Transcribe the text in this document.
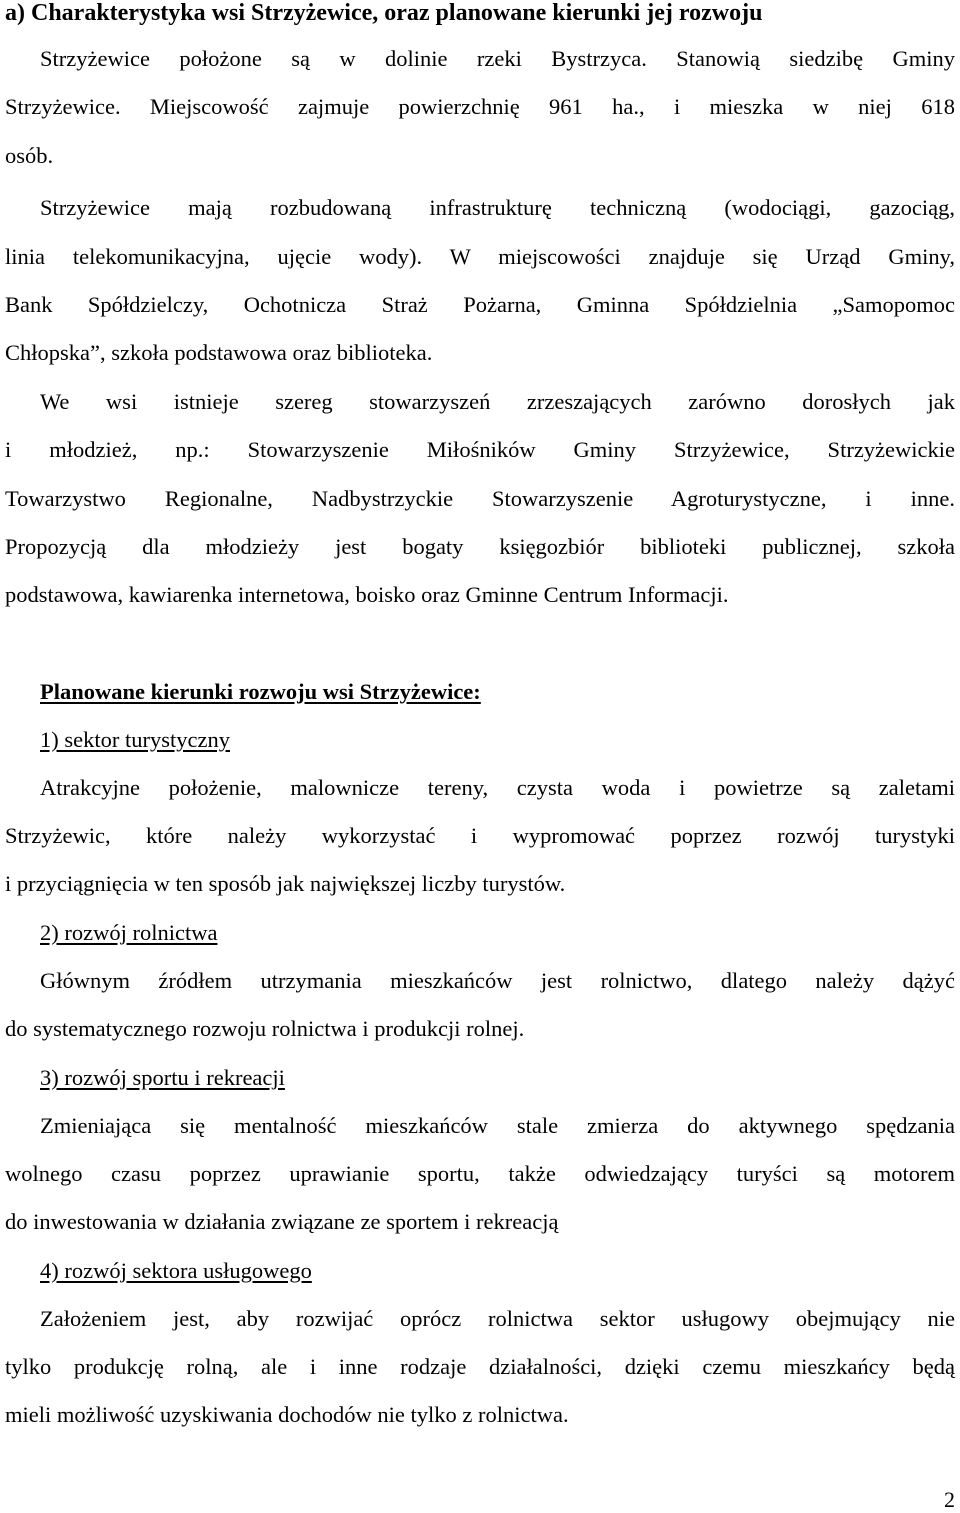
a) Charakterystyka wsi Strzyżewice, oraz planowane kierunki jej rozwoju
Strzyżewice położone są w dolinie rzeki Bystrzyca. Stanowią siedzibę Gminy
Strzyżewice. Miejscowość zajmuje powierzchnię 961 ha., i mieszka w niej 618
osób.
Strzyżewice mają rozbudowaną infrastrukturę techniczną (wodociągi, gazociąg,
linia telekomunikacyjna, ujęcie wody). W miejscowości znajduje się Urząd Gminy,
Bank Spółdzielczy, Ochotnicza Straż Pożarna, Gminna Spółdzielnia „Samopomoc
Chłopska”, szkoła podstawowa oraz biblioteka.
We wsi istnieje szereg stowarzyszeń zrzeszających zarówno dorosłych jak
i młodzież, np.: Stowarzyszenie Miłośników Gminy Strzyżewice, Strzyżewickie
Towarzystwo Regionalne, Nadbystrzyckie Stowarzyszenie Agroturystyczne, i inne.
Propozycją dla młodzieży jest bogaty księgozbiór biblioteki publicznej, szkoła
podstawowa, kawiarenka internetowa, boisko oraz Gminne Centrum Informacji.
Planowane kierunki rozwoju wsi Strzyżewice:
1) sektor turystyczny
Atrakcyjne położenie, malownicze tereny, czysta woda i powietrze są zaletami
Strzyżewic, które należy wykorzystać i wypromować poprzez rozwój turystyki
i przyciągnięcia w ten sposób jak największej liczby turystów.
2) rozwój rolnictwa
Głównym źródłem utrzymania mieszkańców jest rolnictwo, dlatego należy dążyć
do systematycznego rozwoju rolnictwa i produkcji rolnej.
3) rozwój sportu i rekreacji
Zmieniająca się mentalność mieszkańców stale zmierza do aktywnego spędzania
wolnego czasu poprzez uprawianie sportu, także odwiedzający turyści są motorem
do inwestowania w działania związane ze sportem i rekreacją
4) rozwój sektora usługowego
Założeniem jest, aby rozwijać oprócz rolnictwa sektor usługowy obejmujący nie
tylko produkcję rolną, ale i inne rodzaje działalności, dzięki czemu mieszkańcy będą
mieli możliwość uzyskiwania dochodów nie tylko z rolnictwa.
2
